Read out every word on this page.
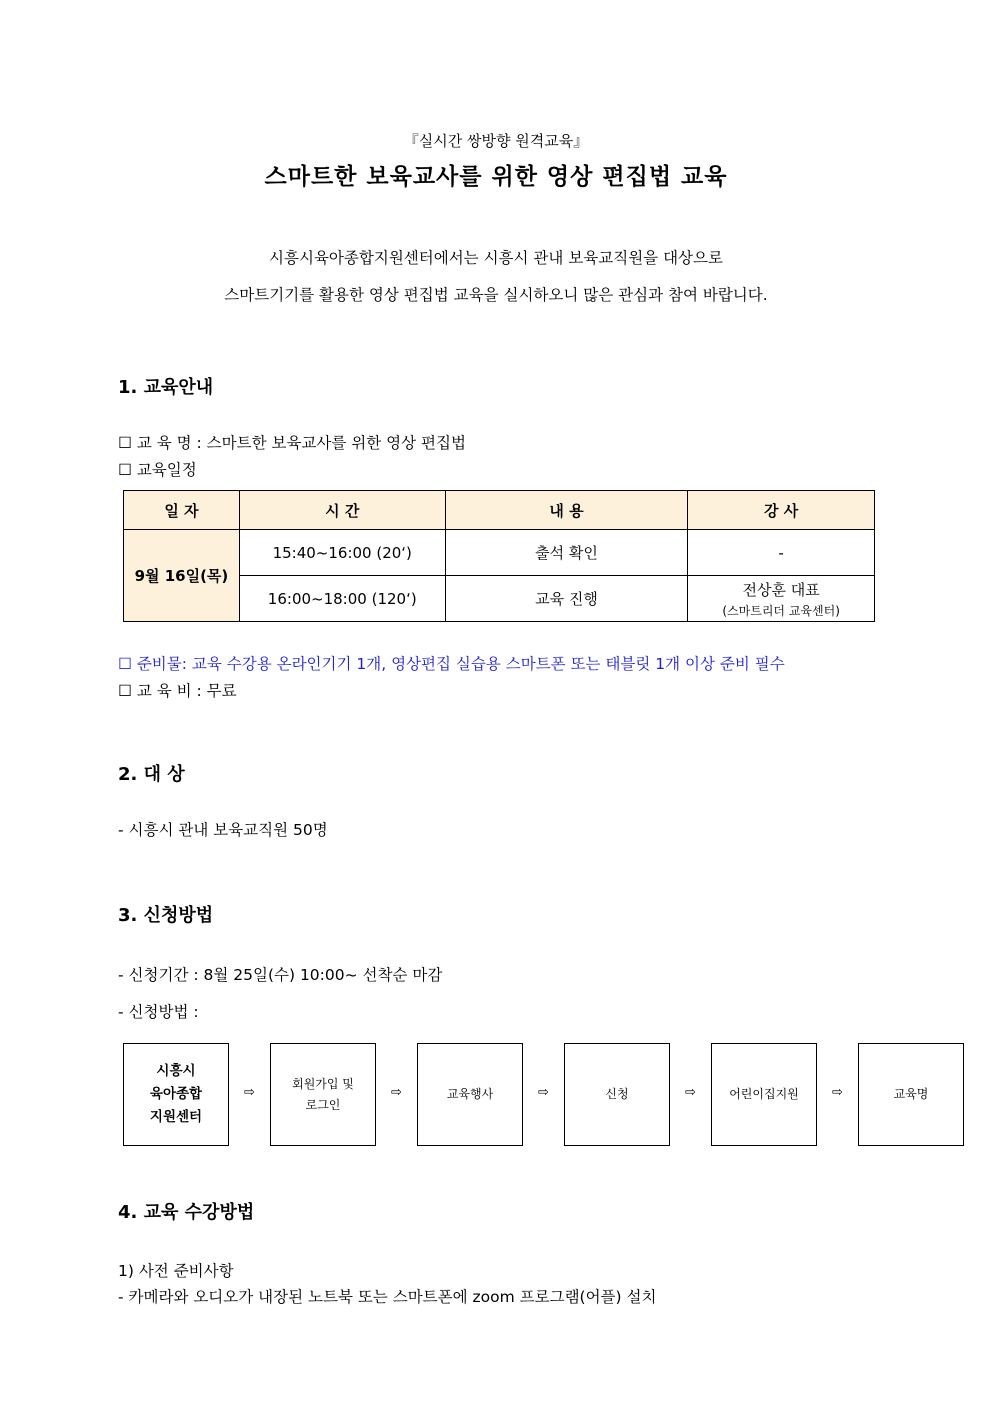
『실시간 쌍방향 원격교육』
스마트한 보육교사를 위한 영상 편집법 교육
시흥시육아종합지원센터에서는 시흥시 관내 보육교직원을 대상으로
스마트기기를 활용한 영상 편집법 교육을 실시하오니 많은 관심과 참여 바랍니다.
1. 교육안내
☐ 교 육 명 : 스마트한 보육교사를 위한 영상 편집법
☐ 교육일정
일 자	시 간	내 용	강 사
9월 16일(목)	15:40~16:00 (20‘)	출석 확인	-
	16:00~18:00 (120‘)	교육 진행	전상훈 대표
(스마트리더 교육센터)
☐ 준비물: 교육 수강용 온라인기기 1개, 영상편집 실습용 스마트폰 또는 태블릿 1개 이상 준비 필수
☐ 교 육 비 : 무료
2. 대 상
- 시흥시 관내 보육교직원 50명
3. 신청방법
- 신청기간 : 8월 25일(수) 10:00~ 선착순 마감
- 신청방법 :
시흥시
육아종합
지원센터
⇨
회원가입 및
로그인
⇨	교육행사	⇨	신청	⇨	어린이집지원	⇨	교육명
4. 교육 수강방법
1) 사전 준비사항
- 카메라와 오디오가 내장된 노트북 또는 스마트폰에 zoom 프로그램(어플) 설치
